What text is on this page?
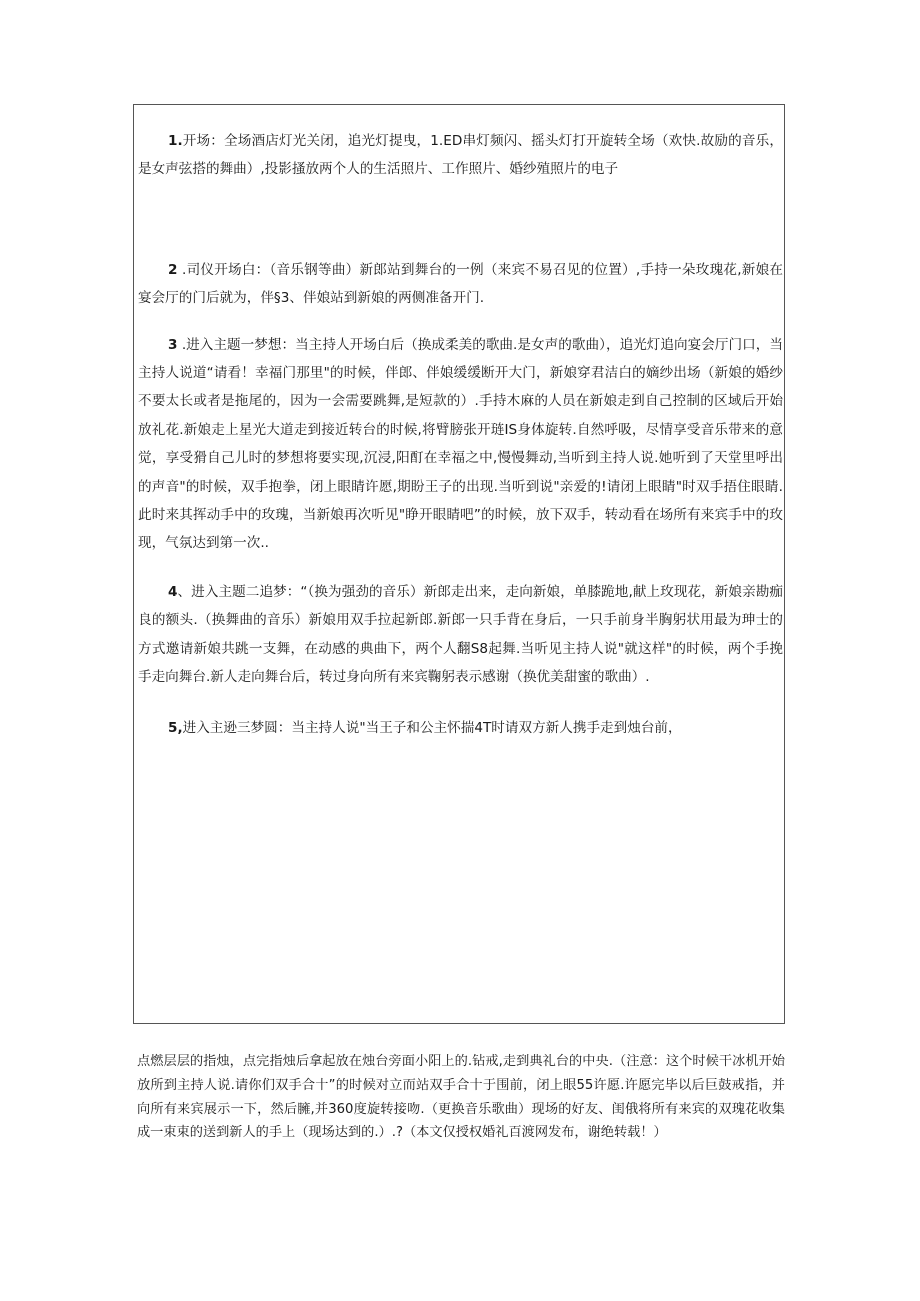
1.开场：全场酒店灯光关闭，追光灯提曳，1.ED串灯频闪、摇头灯打开旋转全场（欢快.故励的音乐，是女声弦搭的舞曲）,投影搔放两个人的生活照片、工作照片、婚纱殖照片的电子

2 .司仪开场白：（音乐钢等曲）新郎站到舞台的一例（来宾不易召见的位置）,手持一朵玫瑰花,新娘在宴会厅的门后就为，伴§3、伴娘站到新娘的两侧准备开门.

3 .进入主题一梦想：当主持人开场白后（换成柔美的歌曲.是女声的歌曲），追光灯追向宴会厅门口，当主持人说道“请看！幸福门那里"的时候，伴郎、伴娘缓缓断开大门，新娘穿君洁白的嫡纱出场（新娘的婚纱不要太长或者是拖尾的，因为一会需要跳舞,是短款的）.手持木麻的人员在新娘走到自己控制的区域后开始放礼花.新娘走上星光大道走到接近转台的时候,将臂膀张开琏IS身体旋转.自然呼吸，尽情享受音乐带来的意觉，享受猾自己儿时的梦想将要实现,沉浸,阳酊在幸福之中,慢慢舞动,当听到主持人说.她听到了天堂里呼出的声音"的时候，双手抱拳，闭上眼睛许愿,期盼王子的出现.当听到说"亲爱的!请闭上眼睛"时双手捂住眼睛.此时来其挥动手中的玫瑰，当新娘再次听见"睁开眼睛吧”的时候，放下双手，转动看在场所有来宾手中的玫现，气氛达到第一次..

4、进入主题二追梦：“（换为强劲的音乐）新郎走出来，走向新娘，单膝跪地,献上玫现花，新娘亲勘痂良的额头.（换舞曲的音乐）新娘用双手拉起新郎.新郎一只手背在身后，一只手前身半胸躬状用最为珅士的方式邀请新娘共跳一支舞，在动感的典曲下，两个人翻S8起舞.当听见主持人说"就这样"的时候，两个手挽手走向舞台.新人走向舞台后，转过身向所有来宾鞠躬表示感谢（换优美甜蜜的歌曲）.

5,进入主逊三梦圆：当主持人说"当王子和公主怀揣4T时请双方新人携手走到烛台前，

点燃层层的指烛，点完指烛后拿起放在烛台旁面小阳上的.钻戒,走到典礼台的中央.（注意：这个时候干冰机开始放所到主持人说.请你们双手合十”的时候对立而站双手合十于围前，闭上眼55许愿.许愿完毕以后巨鼓戒指，并向所有来宾展示一下，然后臃,并360度旋转接吻.（更换音乐歌曲）现场的好友、闺俄将所有来宾的双瑰花收集成一束束的送到新人的手上（现场达到的.）.?（本文仅授权婚礼百渡网发布，谢绝转载！）
